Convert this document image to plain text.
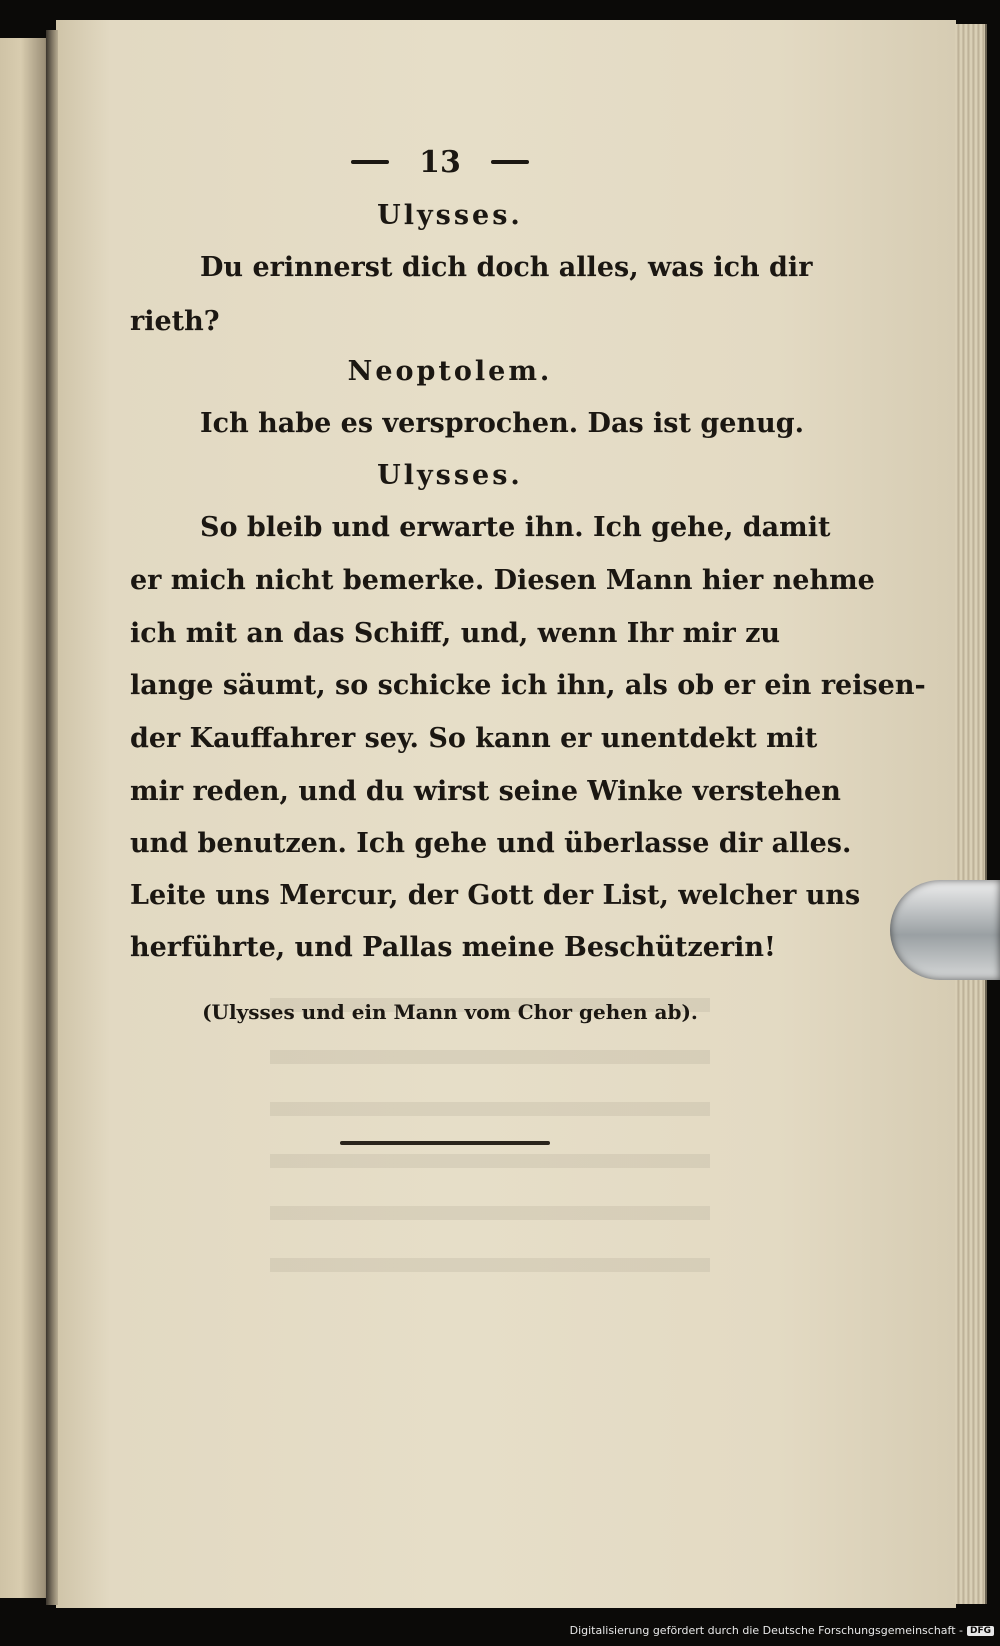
13
Ulysses.
Du erinnerst dich doch alles, was ich dir
rieth?
Neoptolem.
Ich habe es versprochen. Das ist genug.
Ulysses.
So bleib und erwarte ihn. Ich gehe, damit
er mich nicht bemerke. Diesen Mann hier nehme
ich mit an das Schiff, und, wenn Ihr mir zu
lange säumt, so schicke ich ihn, als ob er ein reisen-
der Kauffahrer sey. So kann er unentdekt mit
mir reden, und du wirst seine Winke verstehen
und benutzen. Ich gehe und überlasse dir alles.
Leite uns Mercur, der Gott der List, welcher uns
herführte, und Pallas meine Beschützerin!
(Ulysses und ein Mann vom Chor gehen ab).
Digitalisierung gefördert durch die Deutsche Forschungsgemeinschaft - DFG
